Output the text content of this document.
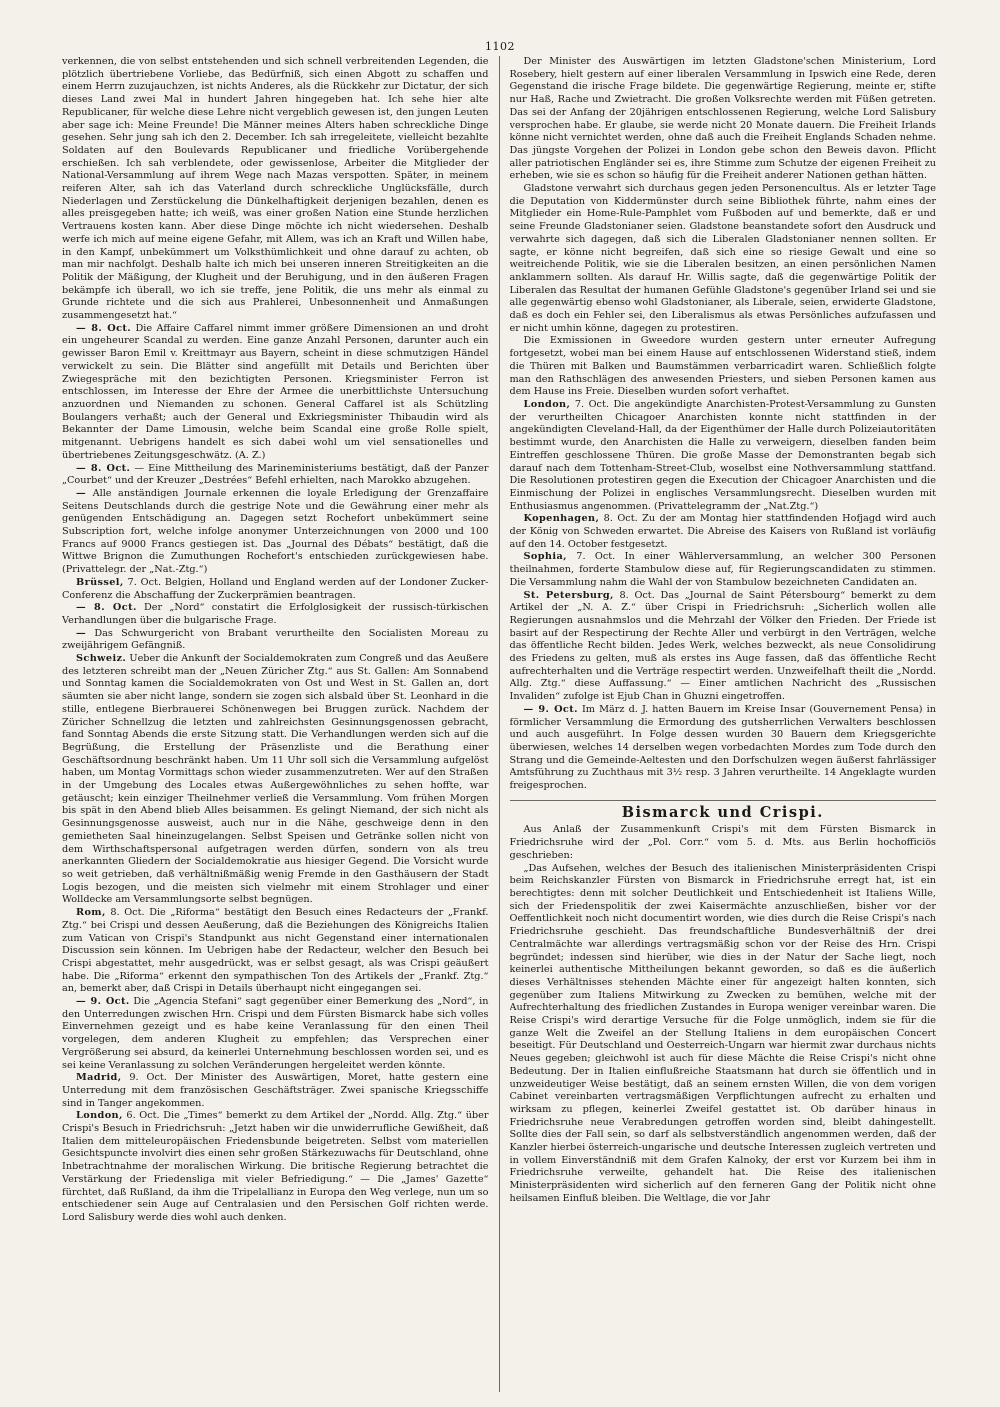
1102

verkennen, die von selbst entstehenden und sich schnell verbreitenden Legenden, die plötzlich übertriebene Vorliebe, das Bedürfniß, sich einen Abgott zu schaffen und einem Herrn zuzujauchzen, ist nichts Anderes, als die Rückkehr zur Dictatur, der sich dieses Land zwei Mal in hundert Jahren hingegeben hat. Ich sehe hier alte Republicaner, für welche diese Lehre nicht vergeblich gewesen ist, den jungen Leuten aber sage ich: Meine Freunde! Die Männer meines Alters haben schreckliche Dinge gesehen. Sehr jung sah ich den 2. December. Ich sah irregeleitete, vielleicht bezahlte Soldaten auf den Boulevards Republicaner und friedliche Vorübergehende erschießen. Ich sah verblendete, oder gewissenlose, Arbeiter die Mitglieder der National-Versammlung auf ihrem Wege nach Mazas verspotten. Später, in meinem reiferen Alter, sah ich das Vaterland durch schreckliche Unglücksfälle, durch Niederlagen und Zerstückelung die Dünkelhaftigkeit derjenigen bezahlen, denen es alles preisgegeben hatte; ich weiß, was einer großen Nation eine Stunde herzlichen Vertrauens kosten kann. Aber diese Dinge möchte ich nicht wiedersehen. Deshalb werfe ich mich auf meine eigene Gefahr, mit Allem, was ich an Kraft und Willen habe, in den Kampf, unbekümmert um Volksthümlichkeit und ohne darauf zu achten, ob man mir nachfolgt. Deshalb halte ich mich bei unseren inneren Streitigkeiten an die Politik der Mäßigung, der Klugheit und der Beruhigung, und in den äußeren Fragen bekämpfe ich überall, wo ich sie treffe, jene Politik, die uns mehr als einmal zu Grunde richtete und die sich aus Prahlerei, Unbesonnenheit und Anmaßungen zusammengesetzt hat.“

— 8. Oct. Die Affaire Caffarel nimmt immer größere Dimensionen an und droht ein ungeheurer Scandal zu werden. Eine ganze Anzahl Personen, darunter auch ein gewisser Baron Emil v. Kreittmayr aus Bayern, scheint in diese schmutzigen Händel verwickelt zu sein. Die Blätter sind angefüllt mit Details und Berichten über Zwiegespräche mit den bezichtigten Personen. Kriegsminister Ferron ist entschlossen, im Interesse der Ehre der Armee die unerbittlichste Untersuchung anzuordnen und Niemanden zu schonen. General Caffarel ist als Schützling Boulangers verhaßt; auch der General und Exkriegsminister Thibaudin wird als Bekannter der Dame Limousin, welche beim Scandal eine große Rolle spielt, mitgenannt. Uebrigens handelt es sich dabei wohl um viel sensationelles und übertriebenes Zeitungsgeschwätz. (A. Z.)

— 8. Oct. — Eine Mittheilung des Marineministeriums bestätigt, daß der Panzer „Courbet“ und der Kreuzer „Destrées“ Befehl erhielten, nach Marokko abzugehen.

— Alle anständigen Journale erkennen die loyale Erledigung der Grenzaffaire Seitens Deutschlands durch die gestrige Note und die Gewährung einer mehr als genügenden Entschädigung an. Dagegen setzt Rochefort unbekümmert seine Subscription fort, welche infolge anonymer Unterzeichnungen von 2000 und 100 Francs auf 9000 Francs gestiegen ist. Das „Journal des Débats“ bestätigt, daß die Wittwe Brignon die Zumuthungen Rochefort's entschieden zurückgewiesen habe. (Privattelegr. der „Nat.-Ztg.“)

Brüssel, 7. Oct. Belgien, Holland und England werden auf der Londoner Zucker-Conferenz die Abschaffung der Zuckerprämien beantragen.

— 8. Oct. Der „Nord“ constatirt die Erfolglosigkeit der russisch-türkischen Verhandlungen über die bulgarische Frage.

— Das Schwurgericht von Brabant verurtheilte den Socialisten Moreau zu zweijährigem Gefängniß.

Schweiz. Ueber die Ankunft der Socialdemokraten zum Congreß und das Aeußere des letzteren schreibt man der „Neuen Züricher Ztg.“ aus St. Gallen: Am Sonnabend und Sonntag kamen die Socialdemokraten von Ost und West in St. Gallen an, dort säumten sie aber nicht lange, sondern sie zogen sich alsbald über St. Leonhard in die stille, entlegene Bierbrauerei Schönenwegen bei Bruggen zurück. Nachdem der Züricher Schnellzug die letzten und zahlreichsten Gesinnungsgenossen gebracht, fand Sonntag Abends die erste Sitzung statt. Die Verhandlungen werden sich auf die Begrüßung, die Erstellung der Präsenzliste und die Berathung einer Geschäftsordnung beschränkt haben. Um 11 Uhr soll sich die Versammlung aufgelöst haben, um Montag Vormittags schon wieder zusammenzutreten. Wer auf den Straßen in der Umgebung des Locales etwas Außergewöhnliches zu sehen hoffte, war getäuscht; kein einziger Theilnehmer verließ die Versammlung. Vom frühen Morgen bis spät in den Abend blieb Alles beisammen. Es gelingt Niemand, der sich nicht als Gesinnungsgenosse ausweist, auch nur in die Nähe, geschweige denn in den gemietheten Saal hineinzugelangen. Selbst Speisen und Getränke sollen nicht von dem Wirthschaftspersonal aufgetragen werden dürfen, sondern von als treu anerkannten Gliedern der Socialdemokratie aus hiesiger Gegend. Die Vorsicht wurde so weit getrieben, daß verhältnißmäßig wenig Fremde in den Gasthäusern der Stadt Logis bezogen, und die meisten sich vielmehr mit einem Strohlager und einer Wolldecke am Versammlungsorte selbst begnügen.

Rom, 8. Oct. Die „Riforma“ bestätigt den Besuch eines Redacteurs der „Frankf. Ztg.“ bei Crispi und dessen Aeußerung, daß die Beziehungen des Königreichs Italien zum Vatican von Crispi's Standpunkt aus nicht Gegenstand einer internationalen Discussion sein können. Im Uebrigen habe der Redacteur, welcher den Besuch bei Crispi abgestattet, mehr ausgedrückt, was er selbst gesagt, als was Crispi geäußert habe. Die „Riforma“ erkennt den sympathischen Ton des Artikels der „Frankf. Ztg.“ an, bemerkt aber, daß Crispi in Details überhaupt nicht eingegangen sei.

— 9. Oct. Die „Agencia Stefani“ sagt gegenüber einer Bemerkung des „Nord“, in den Unterredungen zwischen Hrn. Crispi und dem Fürsten Bismarck habe sich volles Einvernehmen gezeigt und es habe keine Veranlassung für den einen Theil vorgelegen, dem anderen Klugheit zu empfehlen; das Versprechen einer Vergrößerung sei absurd, da keinerlei Unternehmung beschlossen worden sei, und es sei keine Veranlassung zu solchen Veränderungen hergeleitet werden könnte.

Madrid, 9. Oct. Der Minister des Auswärtigen, Moret, hatte gestern eine Unterredung mit dem französischen Geschäftsträger. Zwei spanische Kriegsschiffe sind in Tanger angekommen.

London, 6. Oct. Die „Times“ bemerkt zu dem Artikel der „Nordd. Allg. Ztg.“ über Crispi's Besuch in Friedrichsruh: „Jetzt haben wir die unwiderrufliche Gewißheit, daß Italien dem mitteleuropäischen Friedensbunde beigetreten. Selbst vom materiellen Gesichtspuncte involvirt dies einen sehr großen Stärkezuwachs für Deutschland, ohne Inbetrachtnahme der moralischen Wirkung. Die britische Regierung betrachtet die Verstärkung der Friedensliga mit vieler Befriedigung.“ — Die „James' Gazette“ fürchtet, daß Rußland, da ihm die Tripelallianz in Europa den Weg verlege, nun um so entschiedener sein Auge auf Centralasien und den Persischen Golf richten werde. Lord Salisbury werde dies wohl auch denken.

Der Minister des Auswärtigen im letzten Gladstone'schen Ministerium, Lord Rosebery, hielt gestern auf einer liberalen Versammlung in Ipswich eine Rede, deren Gegenstand die irische Frage bildete. Die gegenwärtige Regierung, meinte er, stifte nur Haß, Rache und Zwietracht. Die großen Volksrechte werden mit Füßen getreten. Das sei der Anfang der 20jährigen entschlossenen Regierung, welche Lord Salisbury versprochen habe. Er glaube, sie werde nicht 20 Monate dauern. Die Freiheit Irlands könne nicht vernichtet werden, ohne daß auch die Freiheit Englands Schaden nehme. Das jüngste Vorgehen der Polizei in London gebe schon den Beweis davon. Pflicht aller patriotischen Engländer sei es, ihre Stimme zum Schutze der eigenen Freiheit zu erheben, wie sie es schon so häufig für die Freiheit anderer Nationen gethan hätten.

Gladstone verwahrt sich durchaus gegen jeden Personencultus. Als er letzter Tage die Deputation von Kiddermünster durch seine Bibliothek führte, nahm eines der Mitglieder ein Home-Rule-Pamphlet vom Fußboden auf und bemerkte, daß er und seine Freunde Gladstonianer seien. Gladstone beanstandete sofort den Ausdruck und verwahrte sich dagegen, daß sich die Liberalen Gladstonianer nennen sollten. Er sagte, er könne nicht begreifen, daß sich eine so riesige Gewalt und eine so weitreichende Politik, wie sie die Liberalen besitzen, an einen persönlichen Namen anklammern sollten. Als darauf Hr. Willis sagte, daß die gegenwärtige Politik der Liberalen das Resultat der humanen Gefühle Gladstone's gegenüber Irland sei und sie alle gegenwärtig ebenso wohl Gladstonianer, als Liberale, seien, erwiderte Gladstone, daß es doch ein Fehler sei, den Liberalismus als etwas Persönliches aufzufassen und er nicht umhin könne, dagegen zu protestiren.

Die Exmissionen in Gweedore wurden gestern unter erneuter Aufregung fortgesetzt, wobei man bei einem Hause auf entschlossenen Widerstand stieß, indem die Thüren mit Balken und Baumstämmen verbarricadirt waren. Schließlich folgte man den Rathschlägen des anwesenden Priesters, und sieben Personen kamen aus dem Hause ins Freie. Dieselben wurden sofort verhaftet.

London, 7. Oct. Die angekündigte Anarchisten-Protest-Versammlung zu Gunsten der verurtheilten Chicagoer Anarchisten konnte nicht stattfinden in der angekündigten Cleveland-Hall, da der Eigenthümer der Halle durch Polizeiautoritäten bestimmt wurde, den Anarchisten die Halle zu verweigern, dieselben fanden beim Eintreffen geschlossene Thüren. Die große Masse der Demonstranten begab sich darauf nach dem Tottenham-Street-Club, woselbst eine Nothversammlung stattfand. Die Resolutionen protestiren gegen die Execution der Chicagoer Anarchisten und die Einmischung der Polizei in englisches Versammlungsrecht. Dieselben wurden mit Enthusiasmus angenommen. (Privattelegramm der „Nat.Ztg.“)

Kopenhagen, 8. Oct. Zu der am Montag hier stattfindenden Hofjagd wird auch der König von Schweden erwartet. Die Abreise des Kaisers von Rußland ist vorläufig auf den 14. October festgesetzt.

Sophia, 7. Oct. In einer Wählerversammlung, an welcher 300 Personen theilnahmen, forderte Stambulow diese auf, für Regierungscandidaten zu stimmen. Die Versammlung nahm die Wahl der von Stambulow bezeichneten Candidaten an.

St. Petersburg, 8. Oct. Das „Journal de Saint Pétersbourg“ bemerkt zu dem Artikel der „N. A. Z.“ über Crispi in Friedrichsruh: „Sicherlich wollen alle Regierungen ausnahmslos und die Mehrzahl der Völker den Frieden. Der Friede ist basirt auf der Respectirung der Rechte Aller und verbürgt in den Verträgen, welche das öffentliche Recht bilden. Jedes Werk, welches bezweckt, als neue Consolidirung des Friedens zu gelten, muß als erstes ins Auge fassen, daß das öffentliche Recht aufrechterhalten und die Verträge respectirt werden. Unzweifelhaft theilt die „Nordd. Allg. Ztg.“ diese Auffassung.“ — Einer amtlichen Nachricht des „Russischen Invaliden“ zufolge ist Ejub Chan in Ghuzni eingetroffen.

— 9. Oct. Im März d. J. hatten Bauern im Kreise Insar (Gouvernement Pensa) in förmlicher Versammlung die Ermordung des gutsherrlichen Verwalters beschlossen und auch ausgeführt. In Folge dessen wurden 30 Bauern dem Kriegsgerichte überwiesen, welches 14 derselben wegen vorbedachten Mordes zum Tode durch den Strang und die Gemeinde-Aeltesten und den Dorfschulzen wegen äußerst fahrlässiger Amtsführung zu Zuchthaus mit 3½ resp. 3 Jahren verurtheilte. 14 Angeklagte wurden freigesprochen.

Bismarck und Crispi.

Aus Anlaß der Zusammenkunft Crispi's mit dem Fürsten Bismarck in Friedrichsruhe wird der „Pol. Corr.“ vom 5. d. Mts. aus Berlin hochofficiös geschrieben:

„Das Aufsehen, welches der Besuch des italienischen Ministerpräsidenten Crispi beim Reichskanzler Fürsten von Bismarck in Friedrichsruhe erregt hat, ist ein berechtigtes: denn mit solcher Deutlichkeit und Entschiedenheit ist Italiens Wille, sich der Friedenspolitik der zwei Kaisermächte anzuschließen, bisher vor der Oeffentlichkeit noch nicht documentirt worden, wie dies durch die Reise Crispi's nach Friedrichsruhe geschieht. Das freundschaftliche Bundesverhältniß der drei Centralmächte war allerdings vertragsmäßig schon vor der Reise des Hrn. Crispi begründet; indessen sind hierüber, wie dies in der Natur der Sache liegt, noch keinerlei authentische Mittheilungen bekannt geworden, so daß es die äußerlich dieses Verhältnisses stehenden Mächte einer für angezeigt halten konnten, sich gegenüber zum Italiens Mitwirkung zu Zwecken zu bemühen, welche mit der Aufrechterhaltung des friedlichen Zustandes in Europa weniger vereinbar waren. Die Reise Crispi's wird derartige Versuche für die Folge unmöglich, indem sie für die ganze Welt die Zweifel an der Stellung Italiens in dem europäischen Concert beseitigt. Für Deutschland und Oesterreich-Ungarn war hiermit zwar durchaus nichts Neues gegeben; gleichwohl ist auch für diese Mächte die Reise Crispi's nicht ohne Bedeutung. Der in Italien einflußreiche Staatsmann hat durch sie öffentlich und in unzweideutiger Weise bestätigt, daß an seinem ernsten Willen, die von dem vorigen Cabinet vereinbarten vertragsmäßigen Verpflichtungen aufrecht zu erhalten und wirksam zu pflegen, keinerlei Zweifel gestattet ist. Ob darüber hinaus in Friedrichsruhe neue Verabredungen getroffen worden sind, bleibt dahingestellt. Sollte dies der Fall sein, so darf als selbstverständlich angenommen werden, daß der Kanzler hierbei österreich-ungarische und deutsche Interessen zugleich vertreten und in vollem Einverständniß mit dem Grafen Kalnoky, der erst vor Kurzem bei ihm in Friedrichsruhe verweilte, gehandelt hat. Die Reise des italienischen Ministerpräsidenten wird sicherlich auf den ferneren Gang der Politik nicht ohne heilsamen Einfluß bleiben. Die Weltlage, die vor Jahr
